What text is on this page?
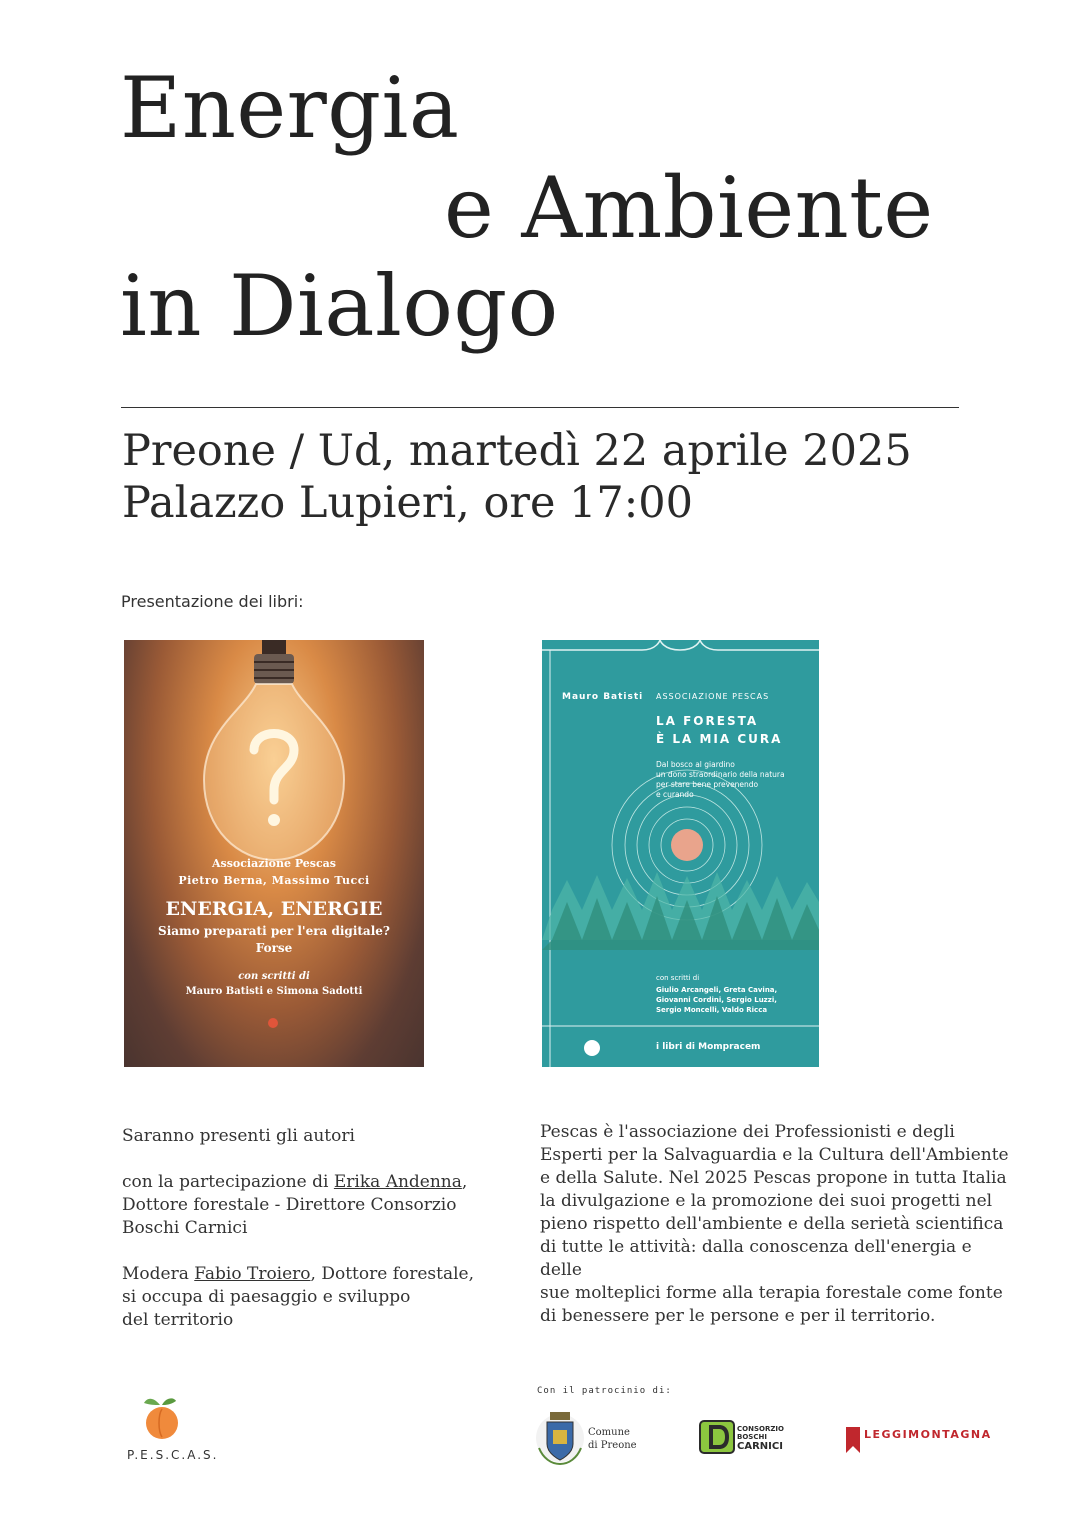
Energia
e Ambiente
in Dialogo
Preone / Ud, martedì 22 aprile 2025
Palazzo Lupieri, ore 17:00
Presentazione dei libri:
Associazione Pescas
Pietro Berna, Massimo Tucci
ENERGIA, ENERGIE
Siamo preparati per l'era digitale?
Forse
con scritti di
Mauro Batisti e Simona Sadotti
Mauro Batisti ASSOCIAZIONE PESCAS
LA FORESTA
È LA MIA CURA
Dal bosco al giardino
un dono straordinario della natura
per stare bene prevenendo
e curando
con scritti di
Giulio Arcangeli, Greta Cavina,
Giovanni Cordini, Sergio Luzzi,
Sergio Moncelli, Valdo Ricca
i libri di Mompracem
Saranno presenti gli autori
con la partecipazione di Erika Andenna,
Dottore forestale - Direttore Consorzio
Boschi Carnici
Modera Fabio Troiero, Dottore forestale,
si occupa di paesaggio e sviluppo
del territorio
Pescas è l'associazione dei Professionisti e degli
Esperti per la Salvaguardia e la Cultura dell'Ambiente
e della Salute. Nel 2025 Pescas propone in tutta Italia
la divulgazione e la promozione dei suoi progetti nel
pieno rispetto dell'ambiente e della serietà scientifica
di tutte le attività: dalla conoscenza dell'energia e delle
sue molteplici forme alla terapia forestale come fonte
di benessere per le persone e per il territorio.
P.E.S.C.A.S.
Con il patrocinio di:
Comune
di Preone
CONSORZIO
BOSCHI
CARNICI
LEGGIMONTAGNA
